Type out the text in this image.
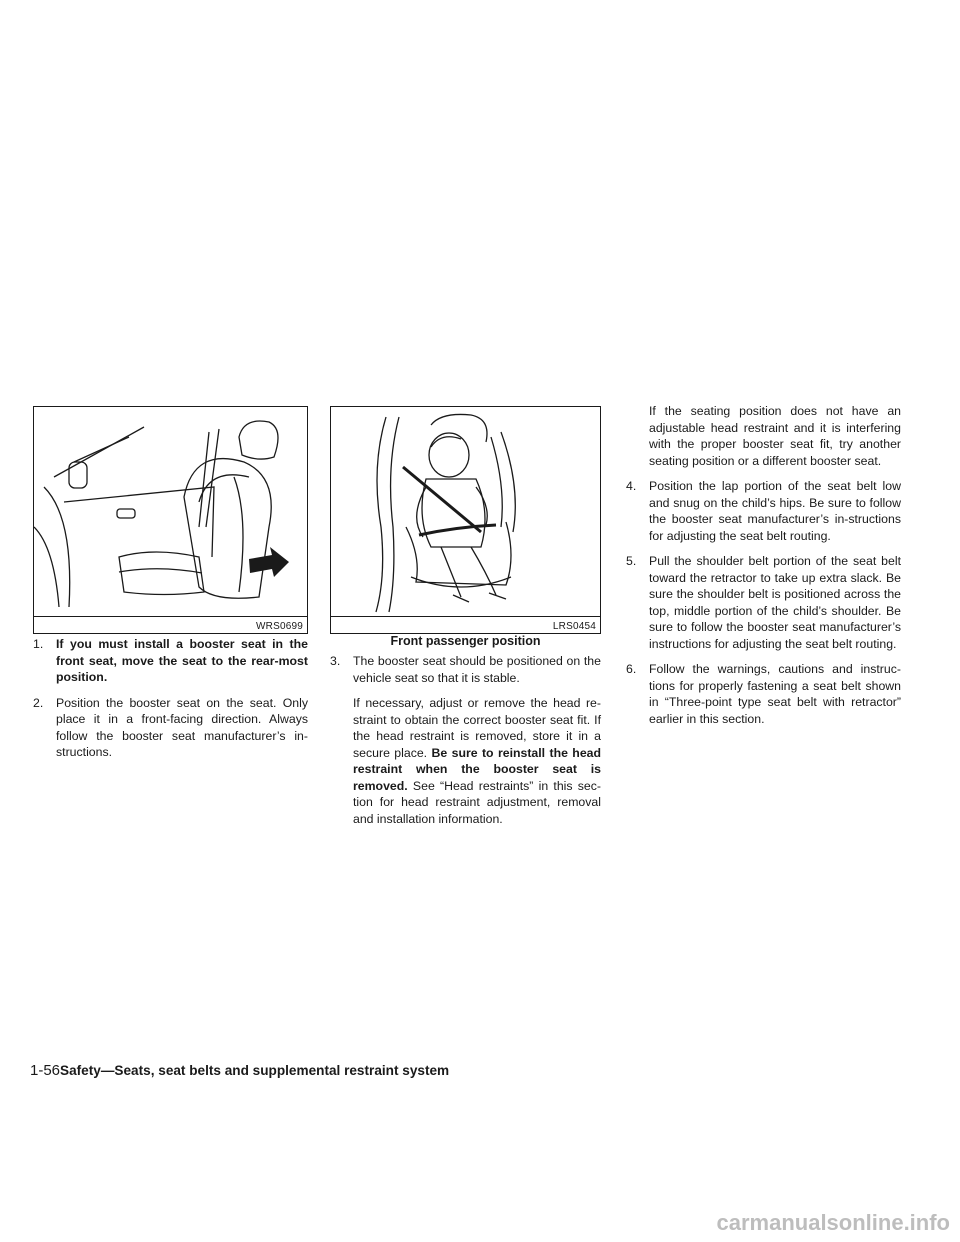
WRS0699	LRS0454
Front passenger position
1. If you must install a booster seat in the front seat, move the seat to the rear-most position.
2. Position the booster seat on the seat. Only place it in a front-facing direction. Always follow the booster seat manufacturer’s in-structions.
3. The booster seat should be positioned on the vehicle seat so that it is stable.
If necessary, adjust or remove the head re-straint to obtain the correct booster seat fit. If the head restraint is removed, store it in a secure place. Be sure to reinstall the head restraint when the booster seat is removed. See “Head restraints” in this sec-tion for head restraint adjustment, removal and installation information.
If the seating position does not have an adjustable head restraint and it is interfering with the proper booster seat fit, try another seating position or a different booster seat.
4. Position the lap portion of the seat belt low and snug on the child’s hips. Be sure to follow the booster seat manufacturer’s in-structions for adjusting the seat belt routing.
5. Pull the shoulder belt portion of the seat belt toward the retractor to take up extra slack. Be sure the shoulder belt is positioned across the top, middle portion of the child’s shoulder. Be sure to follow the booster seat manufacturer’s instructions for adjusting the seat belt routing.
6. Follow the warnings, cautions and instruc-tions for properly fastening a seat belt shown in “Three-point type seat belt with retractor” earlier in this section.
1-56Safety—Seats, seat belts and supplemental restraint system
carmanualsonline.info
